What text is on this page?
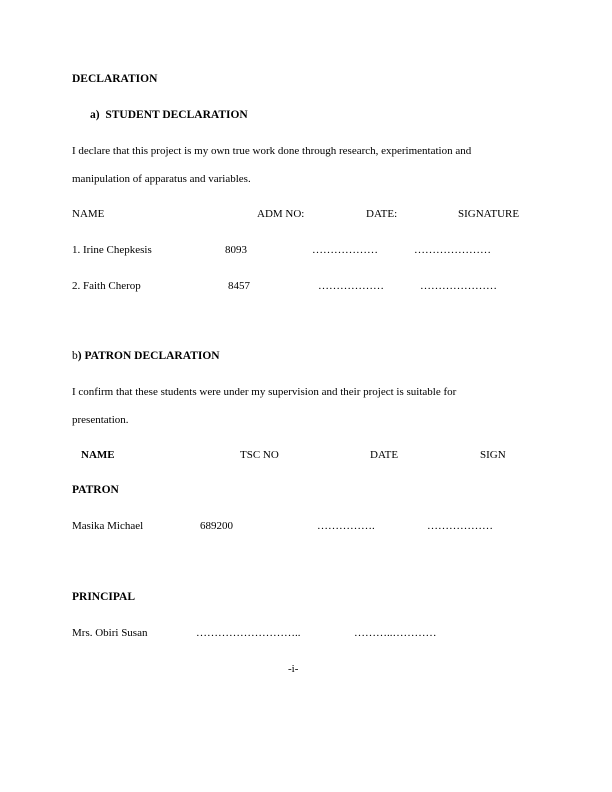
DECLARATION
a) STUDENT DECLARATION
I declare that this project is my own true work done through research, experimentation and
manipulation of apparatus and variables.
NAME	ADM NO:	DATE:	SIGNATURE
1. Irine Chepkesis	8093	………………	…………………
2. Faith Cherop	8457	………………	…………………
b) PATRON DECLARATION
I confirm that these students were under my supervision and their project is suitable for
presentation.
NAME	TSC NO	DATE	SIGN
PATRON
Masika Michael	689200	…………….	………………
PRINCIPAL
Mrs. Obiri Susan	………………………..	………..…………
-i-
